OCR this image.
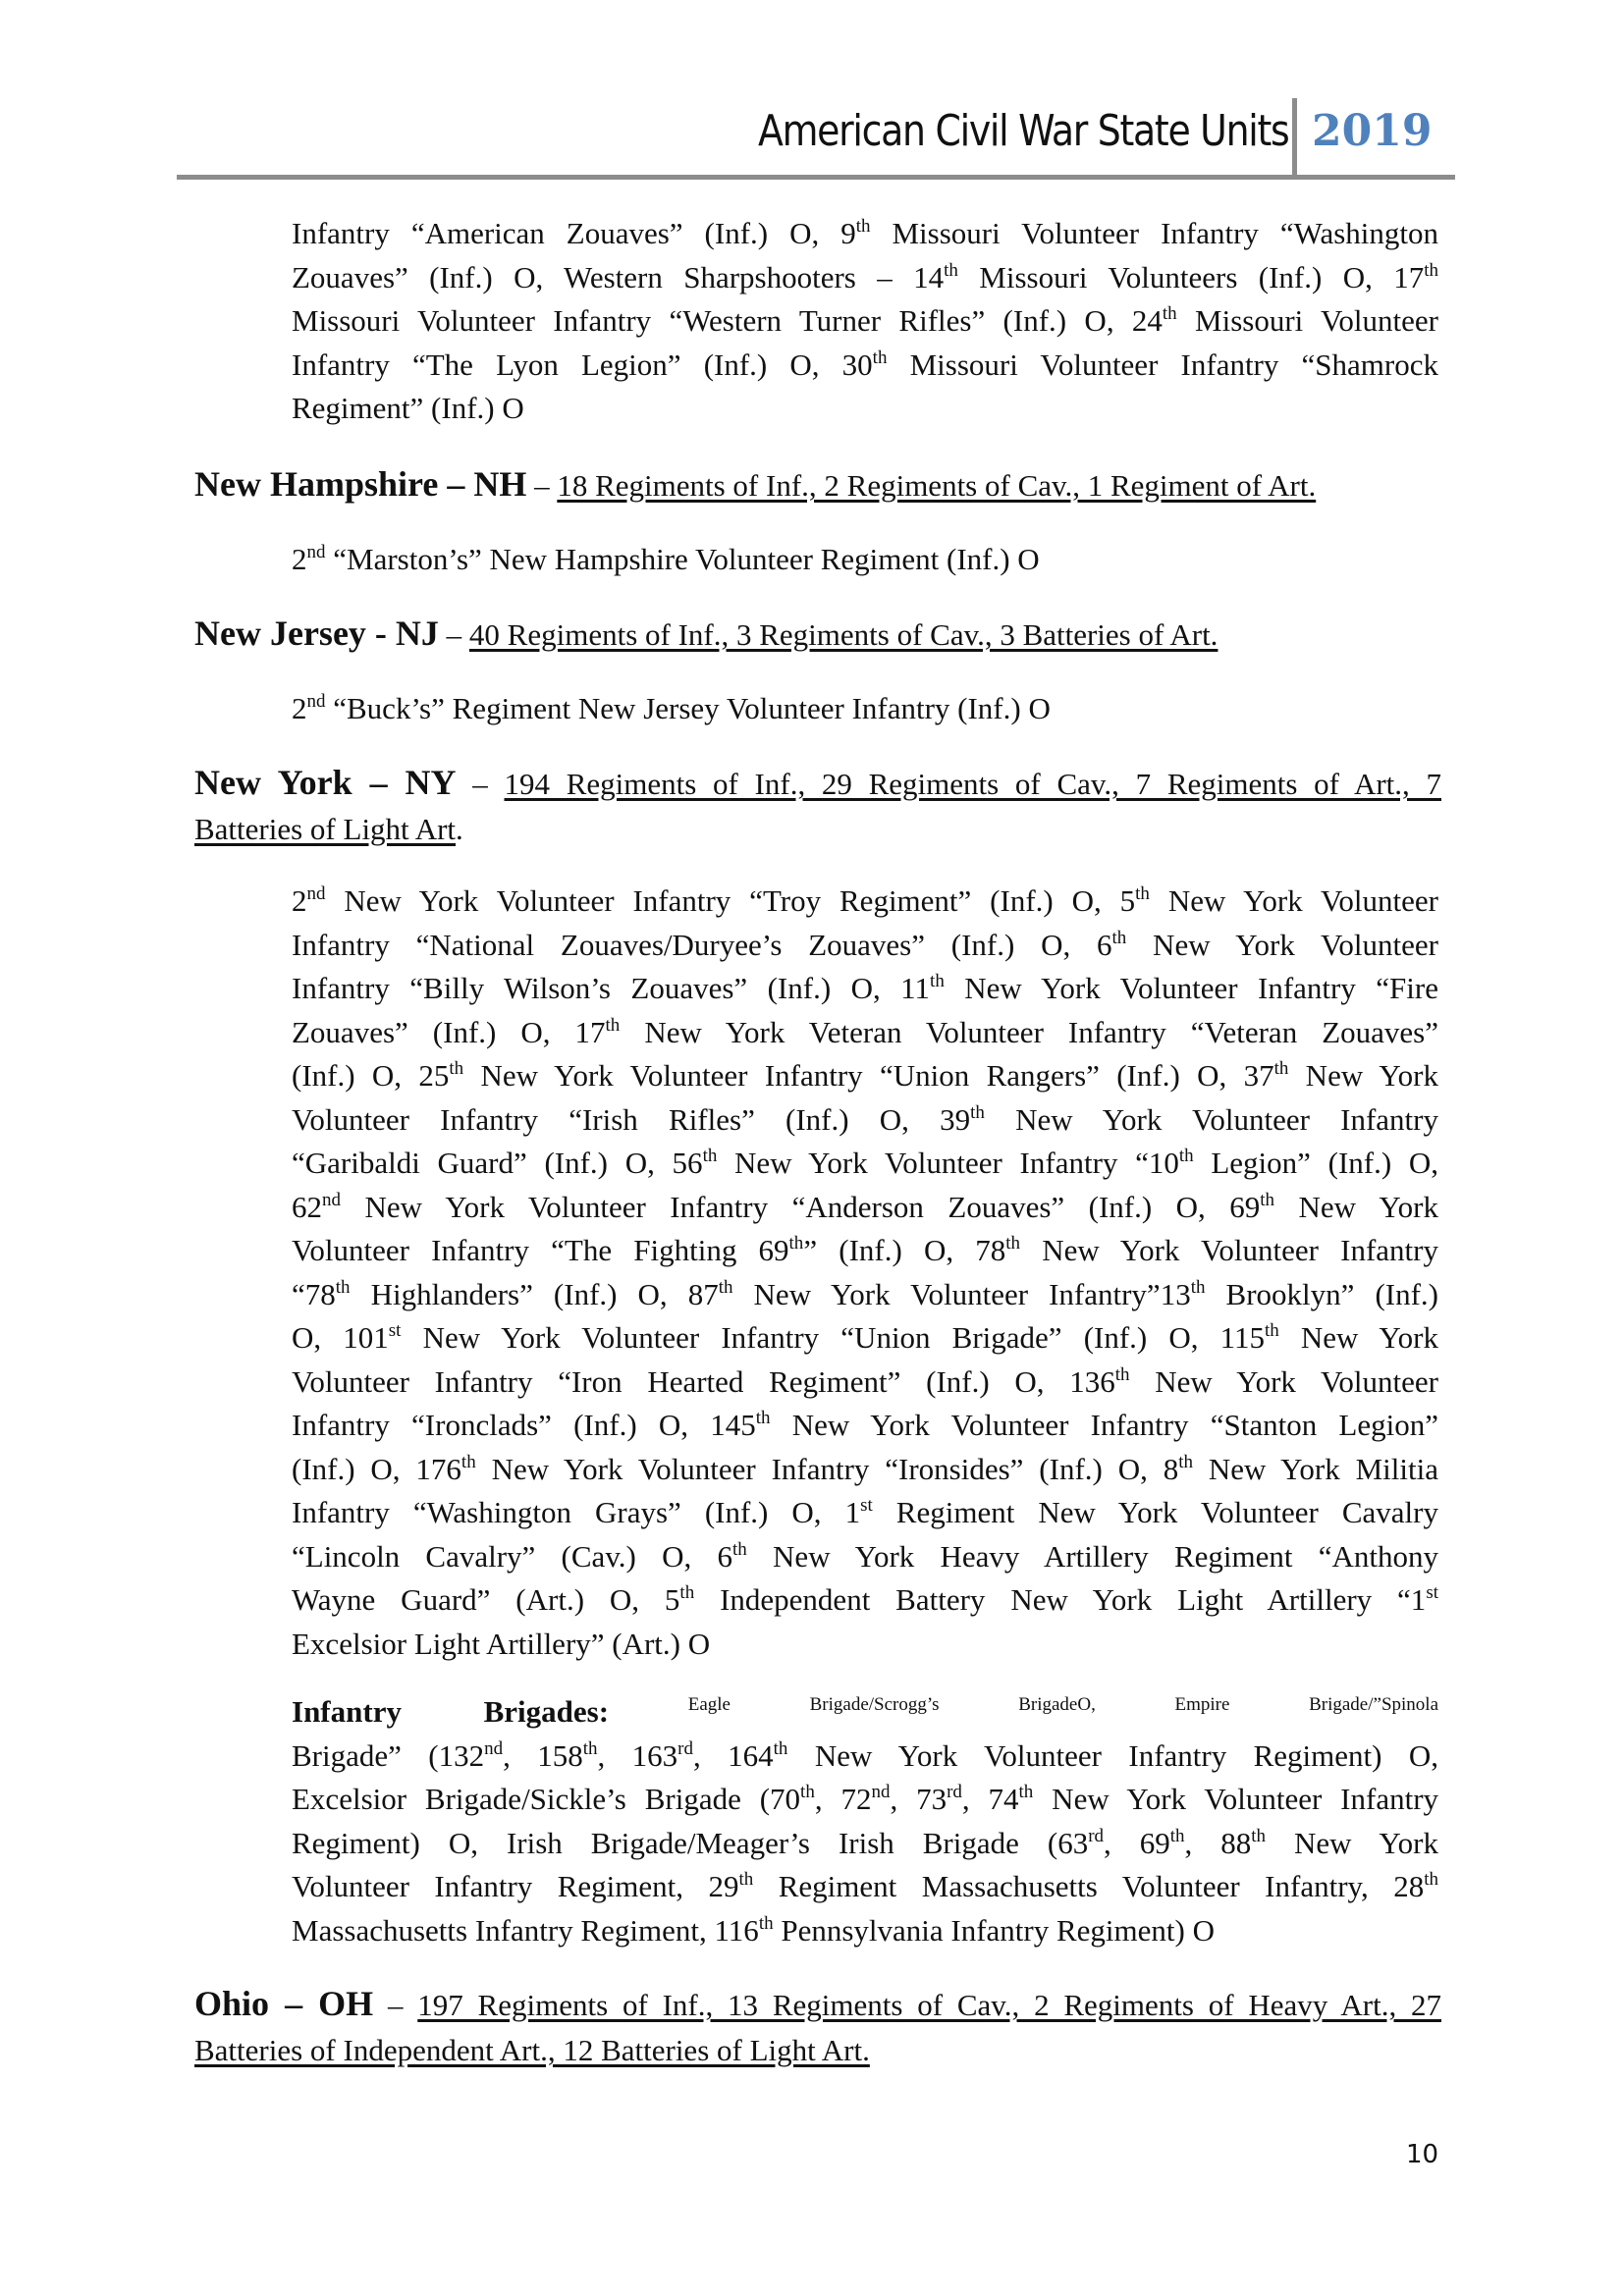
American Civil War State Units 2019
Infantry “American Zouaves” (Inf.) O, 9th Missouri Volunteer Infantry “Washington
Zouaves” (Inf.) O, Western Sharpshooters – 14th Missouri Volunteers (Inf.) O, 17th
Missouri Volunteer Infantry “Western Turner Rifles” (Inf.) O, 24th Missouri Volunteer
Infantry “The Lyon Legion” (Inf.) O, 30th Missouri Volunteer Infantry “Shamrock
Regiment” (Inf.) O
New Hampshire – NH – 18 Regiments of Inf., 2 Regiments of Cav., 1 Regiment of Art.
2nd “Marston’s” New Hampshire Volunteer Regiment (Inf.) O
New Jersey - NJ – 40 Regiments of Inf., 3 Regiments of Cav., 3 Batteries of Art.
2nd “Buck’s” Regiment New Jersey Volunteer Infantry (Inf.) O
New York – NY – 194 Regiments of Inf., 29 Regiments of Cav., 7 Regiments of Art., 7
Batteries of Light Art.
2nd New York Volunteer Infantry “Troy Regiment” (Inf.) O, 5th New York Volunteer
Infantry “National Zouaves/Duryee’s Zouaves” (Inf.) O, 6th New York Volunteer
Infantry “Billy Wilson’s Zouaves” (Inf.) O, 11th New York Volunteer Infantry “Fire
Zouaves” (Inf.) O, 17th New York Veteran Volunteer Infantry “Veteran Zouaves”
(Inf.) O, 25th New York Volunteer Infantry “Union Rangers” (Inf.) O, 37th New York
Volunteer Infantry “Irish Rifles” (Inf.) O, 39th New York Volunteer Infantry
“Garibaldi Guard” (Inf.) O, 56th New York Volunteer Infantry “10th Legion” (Inf.) O,
62nd New York Volunteer Infantry “Anderson Zouaves” (Inf.) O, 69th New York
Volunteer Infantry “The Fighting 69th” (Inf.) O, 78th New York Volunteer Infantry
“78th Highlanders” (Inf.) O, 87th New York Volunteer Infantry”13th Brooklyn” (Inf.)
O, 101st New York Volunteer Infantry “Union Brigade” (Inf.) O, 115th New York
Volunteer Infantry “Iron Hearted Regiment” (Inf.) O, 136th New York Volunteer
Infantry “Ironclads” (Inf.) O, 145th New York Volunteer Infantry “Stanton Legion”
(Inf.) O, 176th New York Volunteer Infantry “Ironsides” (Inf.) O, 8th New York Militia
Infantry “Washington Grays” (Inf.) O, 1st Regiment New York Volunteer Cavalry
“Lincoln Cavalry” (Cav.) O, 6th New York Heavy Artillery Regiment “Anthony
Wayne Guard” (Art.) O, 5th Independent Battery New York Light Artillery “1st
Excelsior Light Artillery” (Art.) O
Infantry Brigades: $^{Eagle Brigade/Scrogg’s BrigadeO, Empire Brigade/”Spinola}$
Brigade” (132nd, 158th, 163rd, 164th New York Volunteer Infantry Regiment) O,
Excelsior Brigade/Sickle’s Brigade (70th, 72nd, 73rd, 74th New York Volunteer Infantry
Regiment) O, Irish Brigade/Meager’s Irish Brigade (63rd, 69th, 88th New York
Volunteer Infantry Regiment, 29th Regiment Massachusetts Volunteer Infantry, 28th
Massachusetts Infantry Regiment, 116th Pennsylvania Infantry Regiment) O
Ohio – OH – 197 Regiments of Inf., 13 Regiments of Cav., 2 Regiments of Heavy Art., 27
Batteries of Independent Art., 12 Batteries of Light Art.
10
